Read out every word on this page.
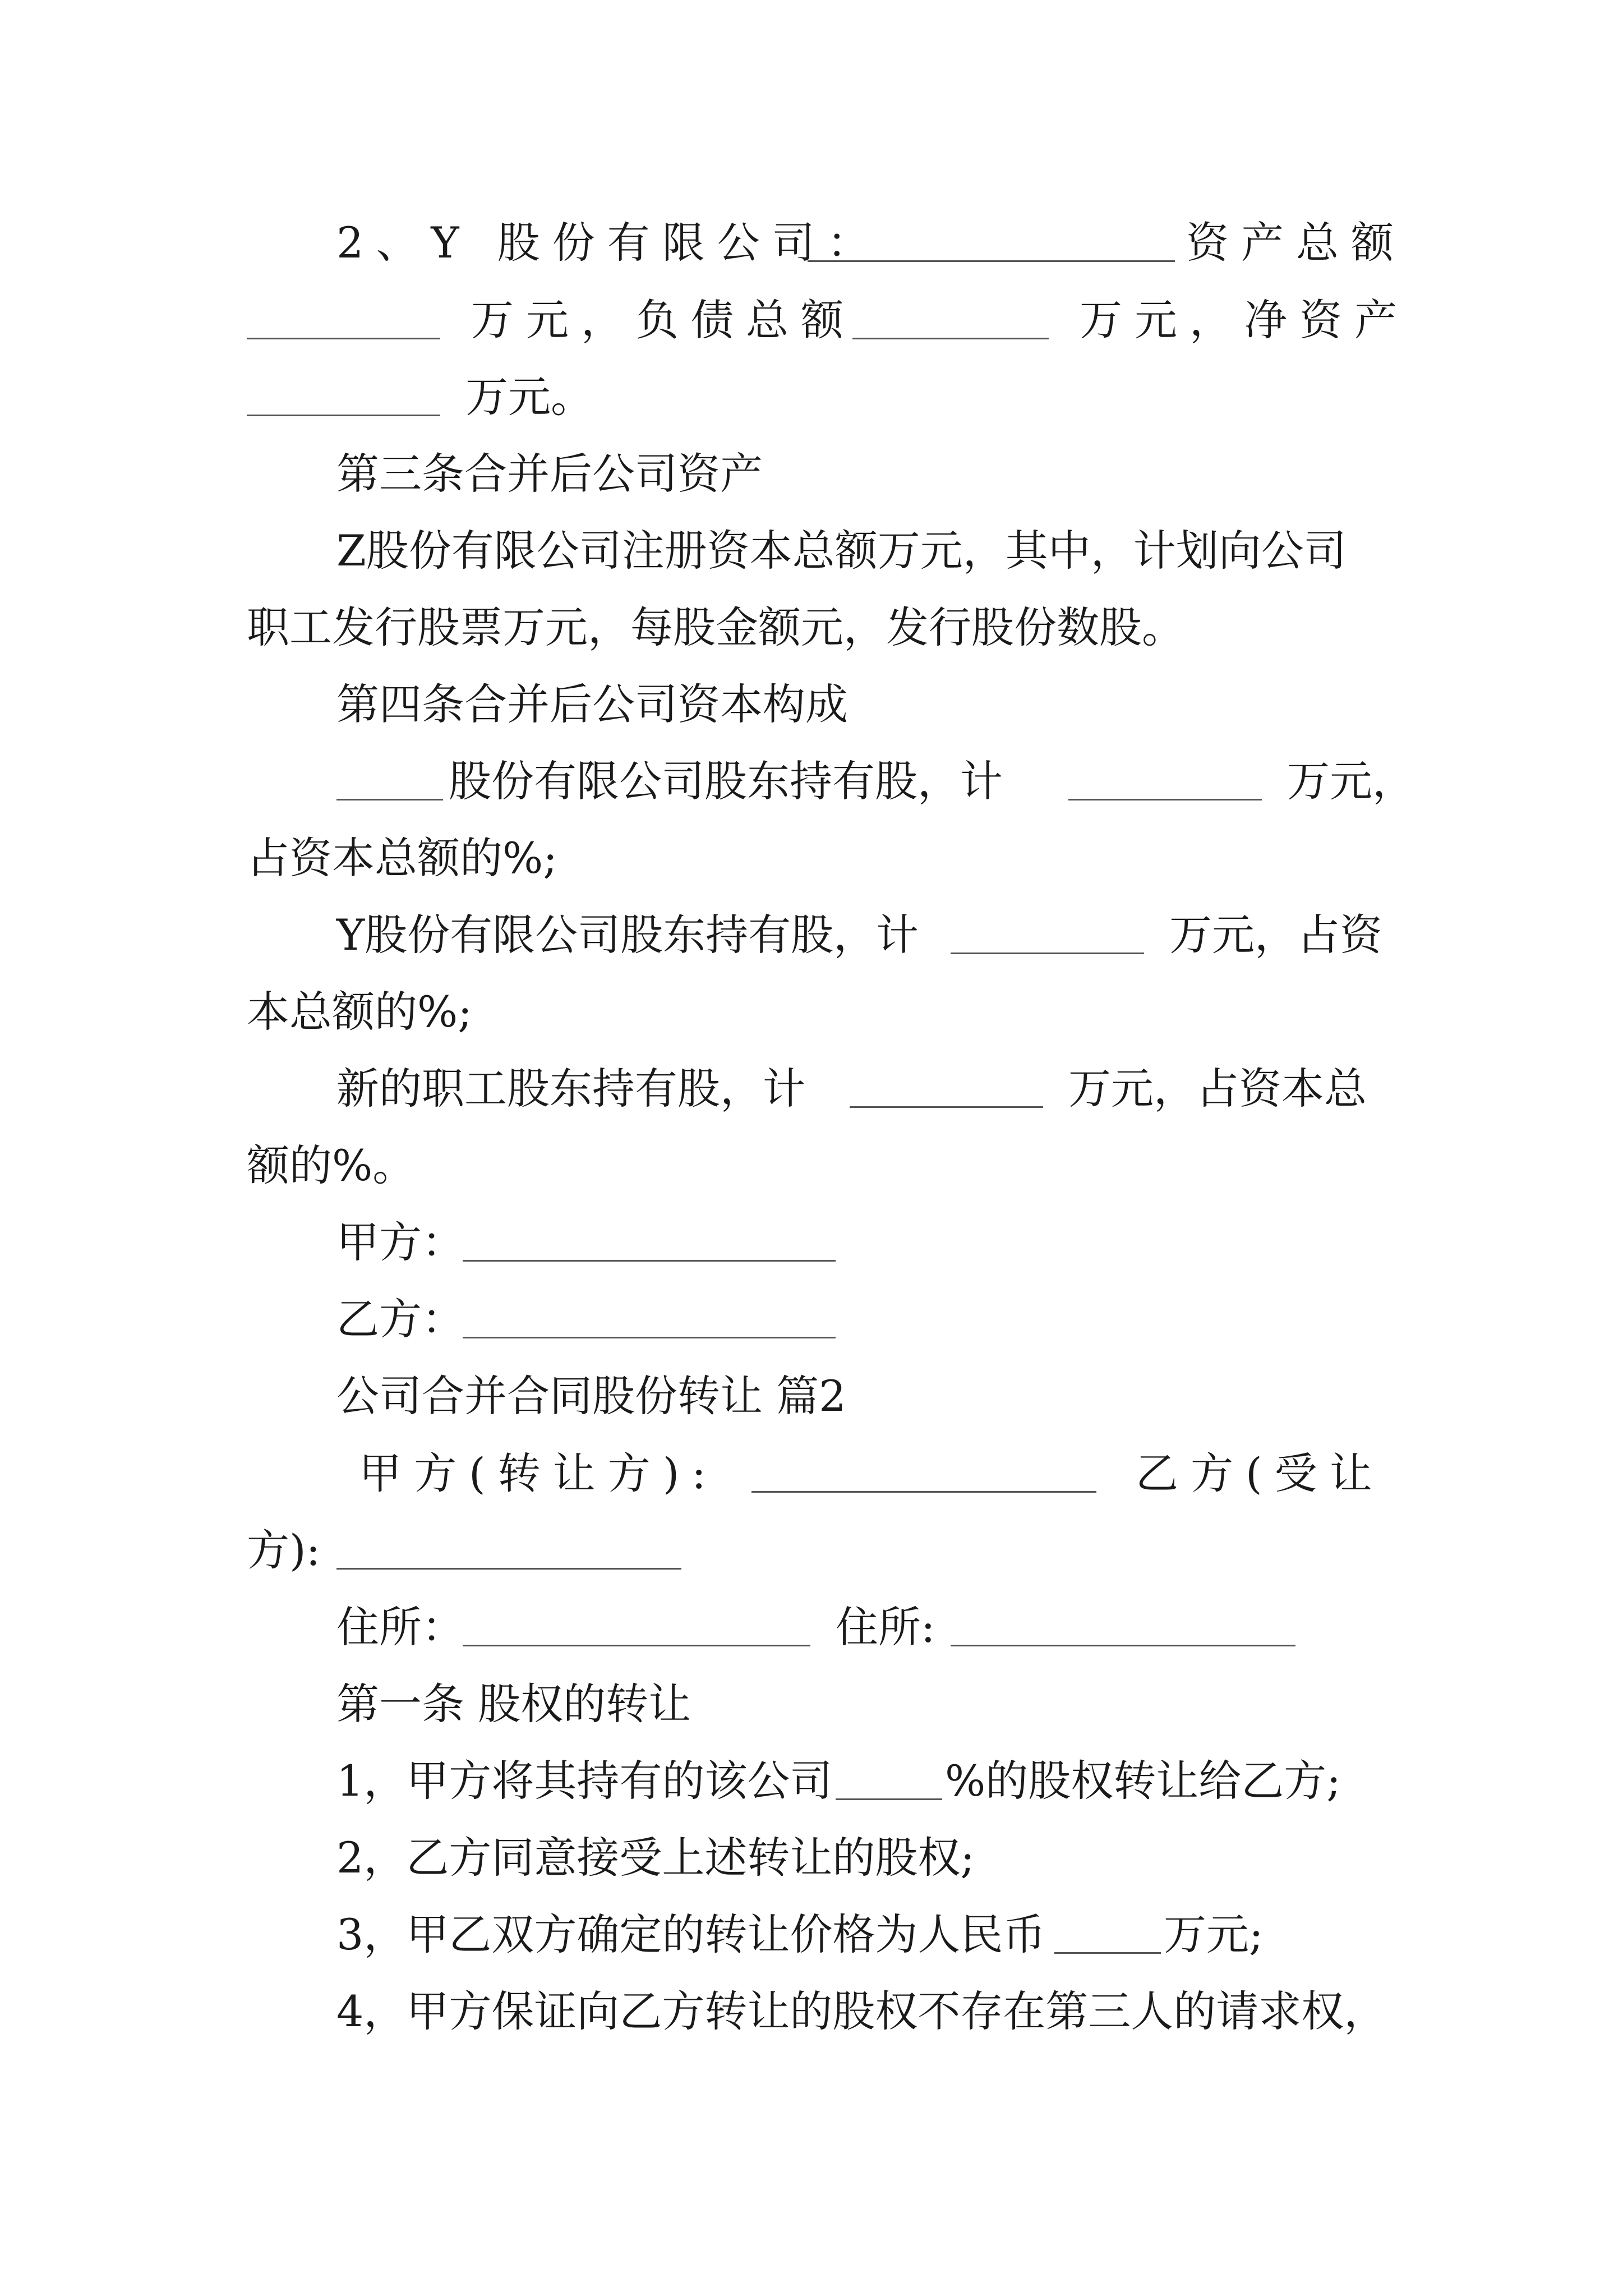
2、Y 股份有限公司：	资产总额
万元，负债总额	万元，净资产
万元。
第三条合并后公司资产
Z股份有限公司注册资本总额万元，其中，计划向公司
职工发行股票万元，每股金额元，发行股份数股。
第四条合并后公司资本构成
股份有限公司股东持有股，计	万元，
占资本总额的%;
Y股份有限公司股东持有股，计	万元，占资
本总额的%;
新的职工股东持有股，计	万元，占资本总
额的%。
甲方：
乙方：
公司合并合同股份转让 篇2
甲方(转让方):	乙方(受让
方):
住所：	住所:
第一条 股权的转让
1，甲方将其持有的该公司	%的股权转让给乙方;
2，乙方同意接受上述转让的股权;
3，甲乙双方确定的转让价格为人民币	万元;
4，甲方保证向乙方转让的股权不存在第三人的请求权，
